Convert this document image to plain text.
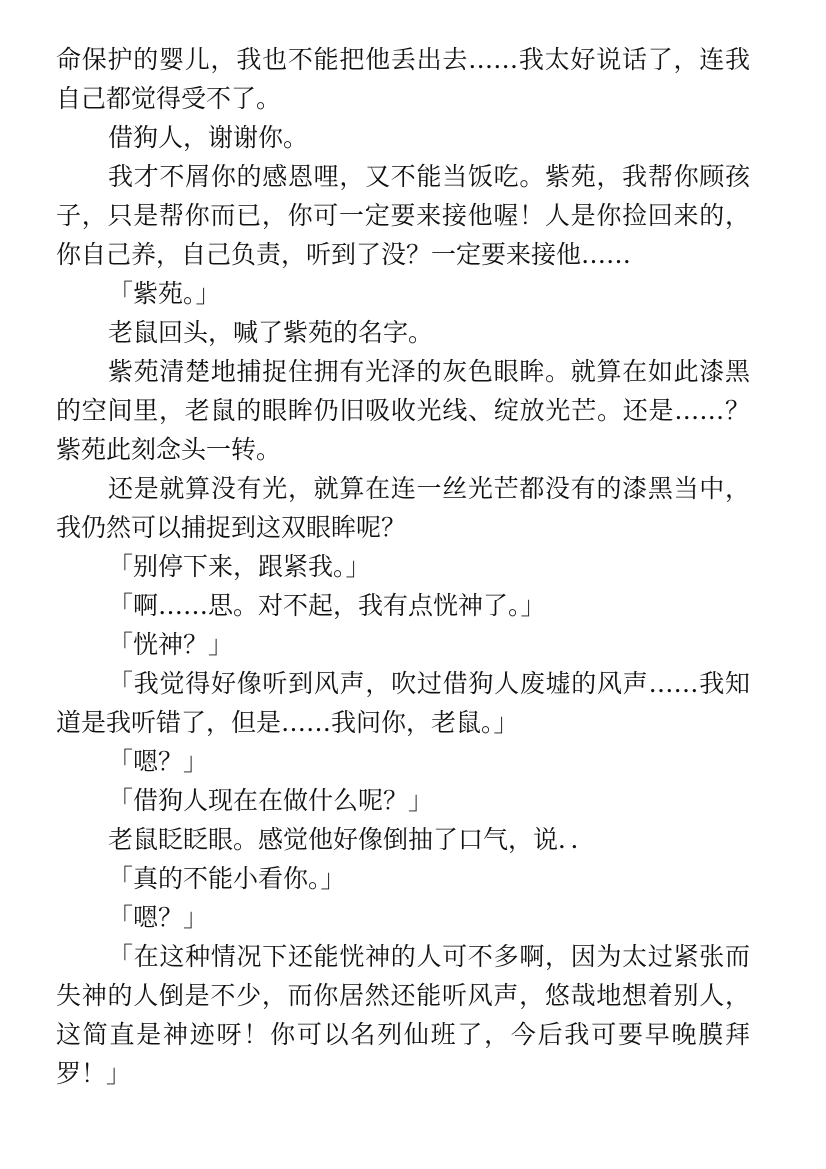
命保护的婴儿，我也不能把他丢出去……我太好说话了，连我自己都觉得受不了。

借狗人，谢谢你。

我才不屑你的感恩哩，又不能当饭吃。紫苑，我帮你顾孩子，只是帮你而已，你可一定要来接他喔！人是你捡回来的，你自己养，自己负责，听到了没？一定要来接他……

「紫苑。」

老鼠回头，喊了紫苑的名字。

紫苑清楚地捕捉住拥有光泽的灰色眼眸。就算在如此漆黑的空间里，老鼠的眼眸仍旧吸收光线、绽放光芒。还是……？紫苑此刻念头一转。

还是就算没有光，就算在连一丝光芒都没有的漆黑当中，我仍然可以捕捉到这双眼眸呢？

「别停下来，跟紧我。」

「啊……思。对不起，我有点恍神了。」

「恍神？」

「我觉得好像听到风声，吹过借狗人废墟的风声……我知道是我听错了，但是……我问你，老鼠。」

「嗯？」

「借狗人现在在做什么呢？」

老鼠眨眨眼。感觉他好像倒抽了口气，说．．

「真的不能小看你。」

「嗯？」

「在这种情况下还能恍神的人可不多啊，因为太过紧张而失神的人倒是不少，而你居然还能听风声，悠哉地想着别人，这简直是神迹呀！你可以名列仙班了，今后我可要早晚膜拜罗！」
